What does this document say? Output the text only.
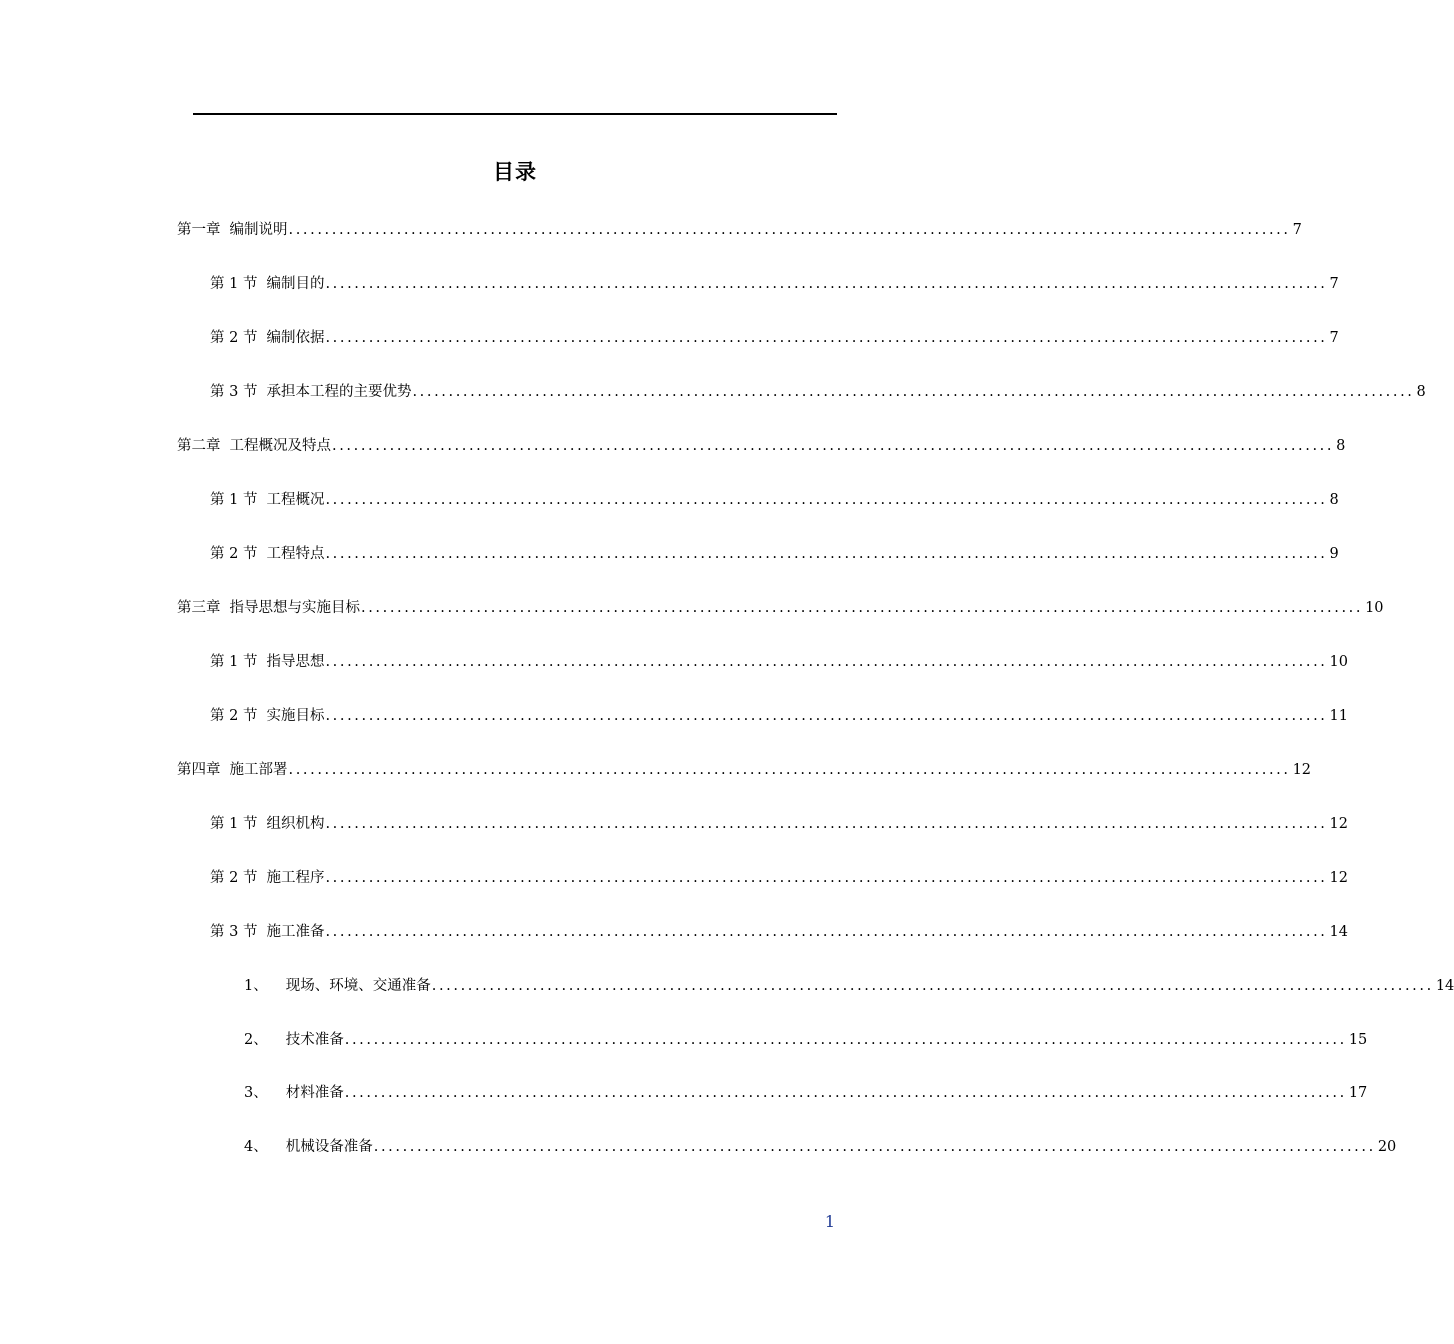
目录
第一章 编制说明 ........................................................................................................................................... 7
第 1 节 编制目的 ........................................................................................................................................... 7
第 2 节 编制依据 ........................................................................................................................................... 7
第 3 节 承担本工程的主要优势 ........................................................................................................................................... 8
第二章 工程概况及特点 ........................................................................................................................................... 8
第 1 节 工程概况 ........................................................................................................................................... 8
第 2 节 工程特点 ........................................................................................................................................... 9
第三章 指导思想与实施目标 ........................................................................................................................................... 10
第 1 节 指导思想 ........................................................................................................................................... 10
第 2 节 实施目标 ........................................................................................................................................... 11
第四章 施工部署 ........................................................................................................................................... 12
第 1 节 组织机构 ........................................................................................................................................... 12
第 2 节 施工程序 ........................................................................................................................................... 12
第 3 节 施工准备 ........................................................................................................................................... 14
1、 现场、环境、交通准备 ........................................................................................................................................... 14
2、 技术准备 ........................................................................................................................................... 15
3、 材料准备 ........................................................................................................................................... 17
4、 机械设备准备 ........................................................................................................................................... 20
1
